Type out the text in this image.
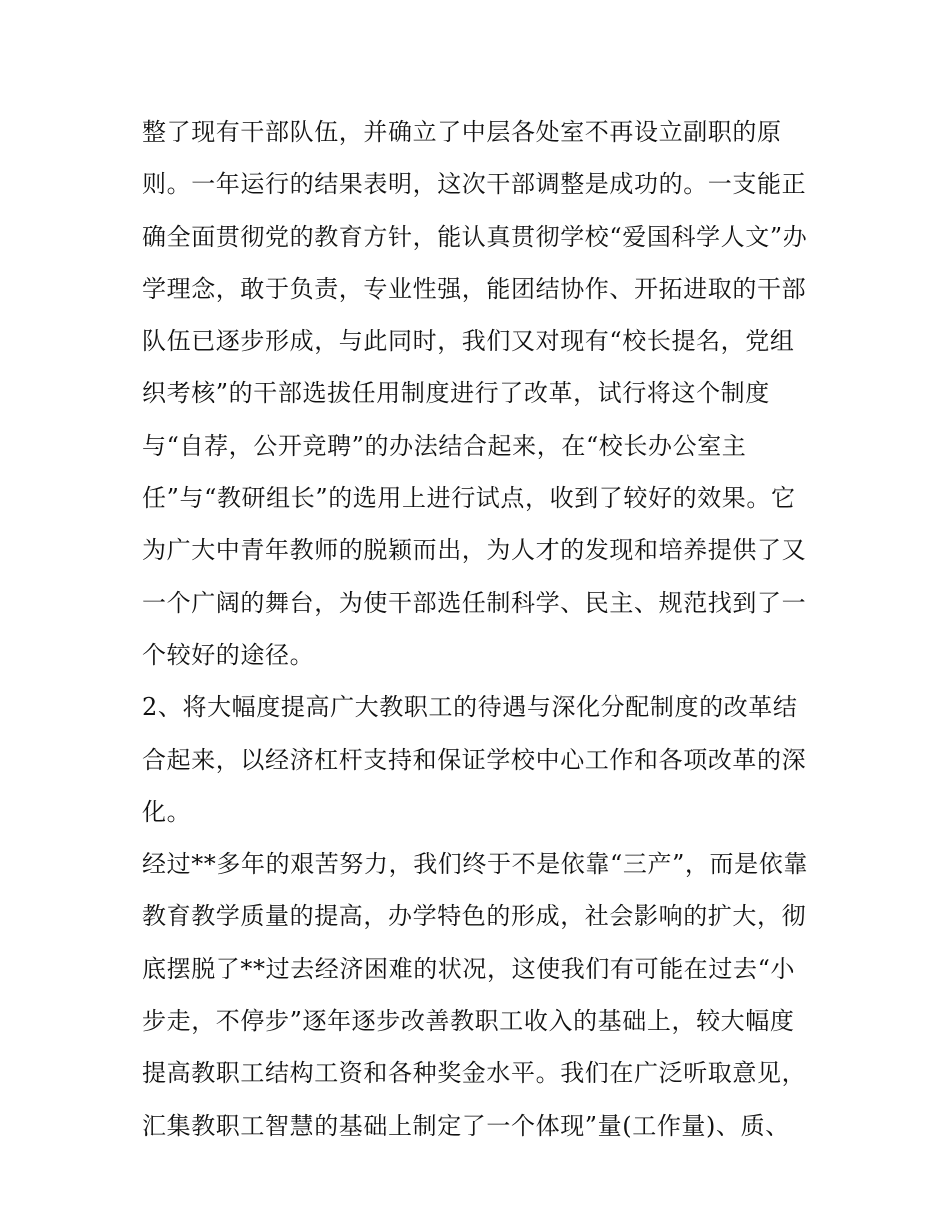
整了现有干部队伍，并确立了中层各处室不再设立副职的原
则。一年运行的结果表明，这次干部调整是成功的。一支能正
确全面贯彻党的教育方针，能认真贯彻学校“爱国科学人文”办
学理念，敢于负责，专业性强，能团结协作、开拓进取的干部
队伍已逐步形成，与此同时，我们又对现有“校长提名，党组
织考核”的干部选拔任用制度进行了改革，试行将这个制度
与“自荐，公开竞聘”的办法结合起来，在“校长办公室主
任”与“教研组长”的选用上进行试点，收到了较好的效果。它
为广大中青年教师的脱颖而出，为人才的发现和培养提供了又
一个广阔的舞台，为使干部选任制科学、民主、规范找到了一
个较好的途径。
2、将大幅度提高广大教职工的待遇与深化分配制度的改革结
合起来，以经济杠杆支持和保证学校中心工作和各项改革的深
化。
经过**多年的艰苦努力，我们终于不是依靠“三产”，而是依靠
教育教学质量的提高，办学特色的形成，社会影响的扩大，彻
底摆脱了**过去经济困难的状况，这使我们有可能在过去“小
步走，不停步”逐年逐步改善教职工收入的基础上，较大幅度
提高教职工结构工资和各种奖金水平。我们在广泛听取意见，
汇集教职工智慧的基础上制定了一个体现”量(工作量)、质、
